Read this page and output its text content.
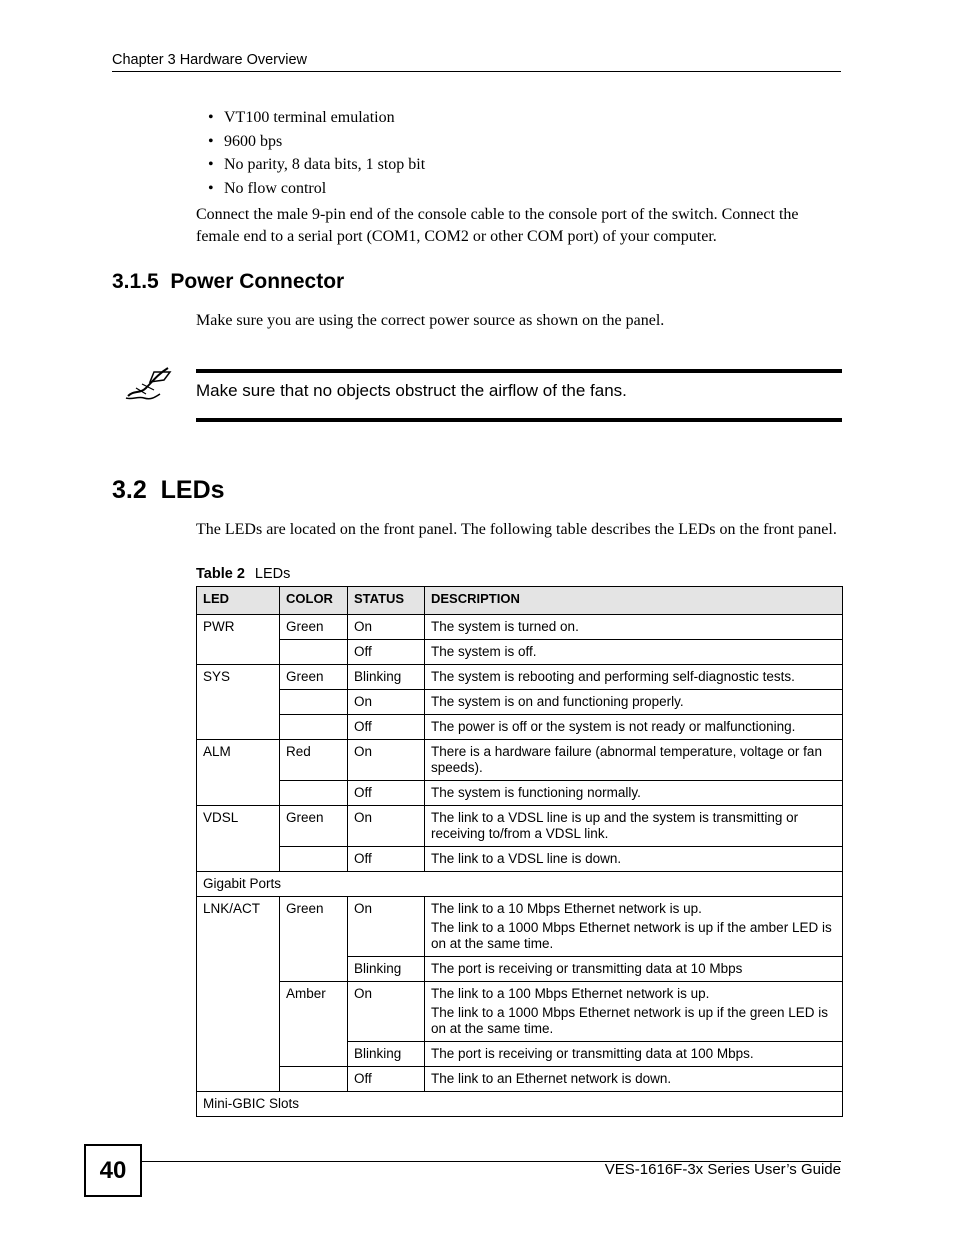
Chapter 3 Hardware Overview
• VT100 terminal emulation
• 9600 bps
• No parity, 8 data bits, 1 stop bit
• No flow control

Connect the male 9-pin end of the console cable to the console port of the switch. Connect the female end to a serial port (COM1, COM2 or other COM port) of your computer.

3.1.5  Power Connector

Make sure you are using the correct power source as shown on the panel.

Make sure that no objects obstruct the airflow of the fans.
3.2  LEDs

The LEDs are located on the front panel. The following table describes the LEDs on the front panel.

Table 2 LEDs
LED	COLOR	STATUS	DESCRIPTION
PWR	Green	On	The system is turned on.
		Off	The system is off.
SYS	Green	Blinking	The system is rebooting and performing self-diagnostic tests.
		On	The system is on and functioning properly.
		Off	The power is off or the system is not ready or malfunctioning.
ALM	Red	On	There is a hardware failure (abnormal temperature, voltage or fan speeds).
		Off	The system is functioning normally.
VDSL	Green	On	The link to a VDSL line is up and the system is transmitting or receiving to/from a VDSL link.
		Off	The link to a VDSL line is down.
Gigabit Ports			
LNK/ACT	Green	On	The link to a 10 Mbps Ethernet network is up.
The link to a 1000 Mbps Ethernet network is up if the amber LED is on at the same time.

		Blinking	The port is receiving or transmitting data at 10 Mbps
	Amber	On	The link to a 100 Mbps Ethernet network is up.
The link to a 1000 Mbps Ethernet network is up if the green LED is on at the same time.

		Blinking	The port is receiving or transmitting data at 100 Mbps.
		Off	The link to an Ethernet network is down.
Mini-GBIC Slots			
40	VES-1616F-3x Series User’s Guide
